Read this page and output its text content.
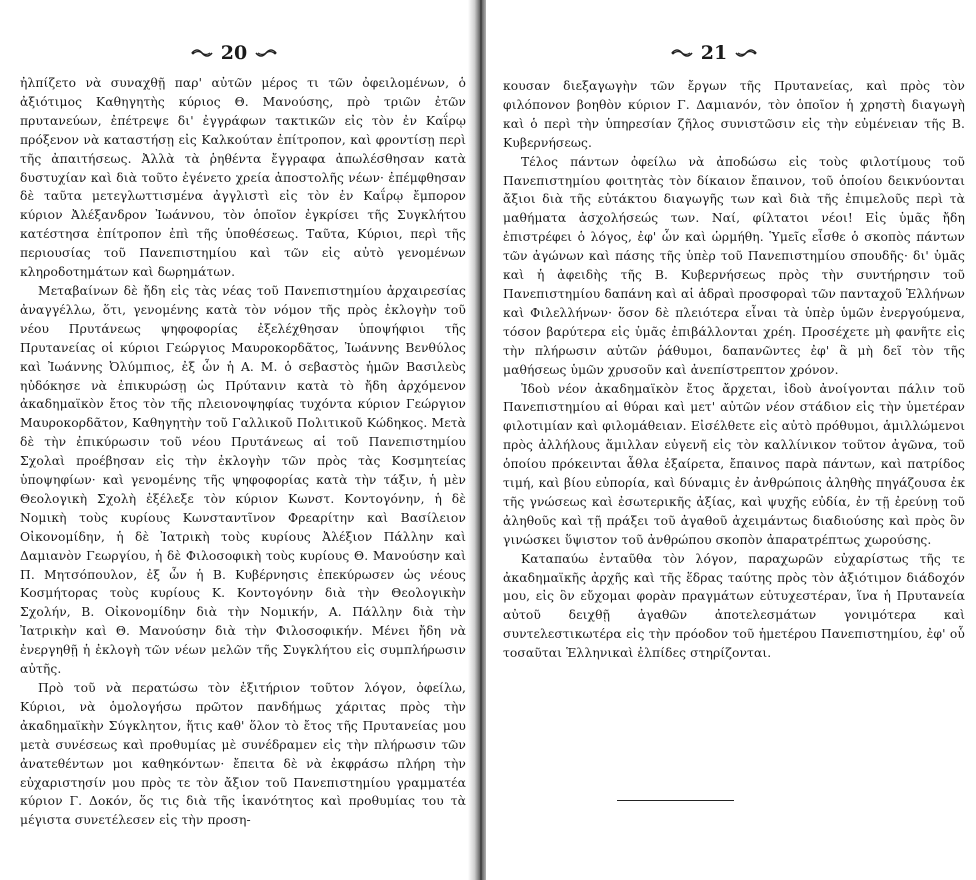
20

ἠλπίζετο νὰ συναχθῇ παρ' αὐτῶν μέρος τι τῶν ὀφειλομένων, ὁ ἀξιότιμος Καθηγητὴς κύριος Θ. Μανούσης, πρὸ τριῶν ἐτῶν πρυτανεύων, ἐπέτρεψε δι' ἐγγράφων τακτικῶν εἰς τὸν ἐν Καΐρῳ πρόξενον νὰ καταστήσῃ εἰς Καλκούταν ἐπίτροπον, καὶ φροντίσῃ περὶ τῆς ἀπαιτήσεως. Ἀλλὰ τὰ ῥηθέντα ἔγγραφα ἀπωλέσθησαν κατὰ δυστυχίαν καὶ διὰ τοῦτο ἐγένετο χρεία ἀποστολῆς νέων· ἐπέμφθησαν δὲ ταῦτα μετεγλωττισμένα ἀγγλιστὶ εἰς τὸν ἐν Καΐρῳ ἔμπορον κύριον Ἀλέξανδρον Ἰωάννου, τὸν ὁποῖον ἐγκρίσει τῆς Συγκλήτου κατέστησα ἐπίτροπον ἐπὶ τῆς ὑποθέσεως. Ταῦτα, Κύριοι, περὶ τῆς περιουσίας τοῦ Πανεπιστημίου καὶ τῶν εἰς αὐτὸ γενομένων κληροδοτημάτων καὶ δωρημάτων.

Μεταβαίνων δὲ ἤδη εἰς τὰς νέας τοῦ Πανεπιστημίου ἀρχαιρεσίας ἀναγγέλλω, ὅτι, γενομένης κατὰ τὸν νόμον τῆς πρὸς ἐκλογὴν τοῦ νέου Πρυτάνεως ψηφοφορίας ἐξελέχθησαν ὑποψήφιοι τῆς Πρυτανείας οἱ κύριοι Γεώργιος Μαυροκορδᾶτος, Ἰωάννης Βενθύλος καὶ Ἰωάννης Ὀλύμπιος, ἐξ ὧν ἡ Α. Μ. ὁ σεβαστὸς ἡμῶν Βασιλεὺς ηὐδόκησε νὰ ἐπικυρώσῃ ὡς Πρύτανιν κατὰ τὸ ἤδη ἀρχόμενον ἀκαδημαϊκὸν ἔτος τὸν τῆς πλειονοψηφίας τυχόντα κύριον Γεώργιον Μαυροκορδᾶτον, Καθηγητὴν τοῦ Γαλλικοῦ Πολιτικοῦ Κώδηκος. Μετὰ δὲ τὴν ἐπικύρωσιν τοῦ νέου Πρυτάνεως αἱ τοῦ Πανεπιστημίου Σχολαὶ προέβησαν εἰς τὴν ἐκλογὴν τῶν πρὸς τὰς Κοσμητείας ὑποψηφίων· καὶ γενομένης τῆς ψηφοφορίας κατὰ τὴν τάξιν, ἡ μὲν Θεολογικὴ Σχολὴ ἐξέλεξε τὸν κύριον Κωνστ. Κοντογόνην, ἡ δὲ Νομικὴ τοὺς κυρίους Κωνσταντῖνον Φρεαρίτην καὶ Βασίλειον Οἰκονομίδην, ἡ δὲ Ἰατρικὴ τοὺς κυρίους Ἀλέξιον Πάλλην καὶ Δαμιανὸν Γεωργίου, ἡ δὲ Φιλοσοφικὴ τοὺς κυρίους Θ. Μανούσην καὶ Π. Μητσόπουλον, ἐξ ὧν ἡ Β. Κυβέρνησις ἐπεκύρωσεν ὡς νέους Κοσμήτορας τοὺς κυρίους Κ. Κοντογόνην διὰ τὴν Θεολογικὴν Σχολήν, Β. Οἰκονομίδην διὰ τὴν Νομικήν, Α. Πάλλην διὰ τὴν Ἰατρικὴν καὶ Θ. Μανούσην διὰ τὴν Φιλοσοφικήν. Μένει ἤδη νὰ ἐνεργηθῇ ἡ ἐκλογὴ τῶν νέων μελῶν τῆς Συγκλήτου εἰς συμπλήρωσιν αὐτῆς.

Πρὸ τοῦ νὰ περατώσω τὸν ἐξιτήριον τοῦτον λόγον, ὀφείλω, Κύριοι, νὰ ὁμολογήσω πρῶτον πανδήμως χάριτας πρὸς τὴν ἀκαδημαϊκὴν Σύγκλητον, ἥτις καθ' ὅλον τὸ ἔτος τῆς Πρυτανείας μου μετὰ συνέσεως καὶ προθυμίας μὲ συνέδραμεν εἰς τὴν πλήρωσιν τῶν ἀνατεθέντων μοι καθηκόντων· ἔπειτα δὲ νὰ ἐκφράσω πλήρη τὴν εὐχαριστησίν μου πρὸς τε τὸν ἄξιον τοῦ Πανεπιστημίου γραμματέα κύριον Γ. Δοκόν, ὅς τις διὰ τῆς ἱκανότητος καὶ προθυμίας του τὰ μέγιστα συνετέλεσεν εἰς τὴν προση-

κουσαν διεξαγωγὴν τῶν ἔργων τῆς Πρυτανείας, καὶ πρὸς τὸν φιλόπονον βοηθὸν κύριον Γ. Δαμιανόν, τὸν ὁποῖον ἡ χρηστὴ διαγωγὴ καὶ ὁ περὶ τὴν ὑπηρεσίαν ζῆλος συνιστῶσιν εἰς τὴν εὐμένειαν τῆς Β. Κυβερνήσεως.

Τέλος πάντων ὀφείλω νὰ ἀποδώσω εἰς τοὺς φιλοτίμους τοῦ Πανεπιστημίου φοιτητὰς τὸν δίκαιον ἔπαινον, τοῦ ὁποίου δεικνύονται ἄξιοι διὰ τῆς εὐτάκτου διαγωγῆς των καὶ διὰ τῆς ἐπιμελοῦς περὶ τὰ μαθήματα ἀσχολήσεώς των. Ναί, φίλτατοι νέοι! Εἰς ὑμᾶς ἤδη ἐπιστρέφει ὁ λόγος, ἐφ' ὧν καὶ ὡρμήθη. Ὑμεῖς εἶσθε ὁ σκοπὸς πάντων τῶν ἀγώνων καὶ πάσης τῆς ὑπὲρ τοῦ Πανεπιστημίου σπουδῆς· δι' ὑμᾶς καὶ ἡ ἀφειδὴς τῆς Β. Κυβερνήσεως πρὸς τὴν συντήρησιν τοῦ Πανεπιστημίου δαπάνη καὶ αἱ ἁδραὶ προσφοραὶ τῶν πανταχοῦ Ἑλλήνων καὶ Φιλελλήνων· ὅσον δὲ πλειότερα εἶναι τὰ ὑπὲρ ὑμῶν ἐνεργούμενα, τόσον βαρύτερα εἰς ὑμᾶς ἐπιβάλλονται χρέη. Προσέχετε μὴ φανῆτε εἰς τὴν πλήρωσιν αὐτῶν ῥάθυμοι, δαπανῶντες ἐφ' ἃ μὴ δεῖ τὸν τῆς μαθήσεως ὑμῶν χρυσοῦν καὶ ἀνεπίστρεπτον χρόνον.

Ἰδοὺ νέον ἀκαδημαϊκὸν ἔτος ἄρχεται, ἰδοὺ ἀνοίγονται πάλιν τοῦ Πανεπιστημίου αἱ θύραι καὶ μετ' αὐτῶν νέον στάδιον εἰς τὴν ὑμετέραν φιλοτιμίαν καὶ φιλομάθειαν. Εἰσέλθετε εἰς αὐτὸ πρόθυμοι, ἁμιλλώμενοι πρὸς ἀλλήλους ἅμιλλαν εὐγενῆ εἰς τὸν καλλίνικον τοῦτον ἀγῶνα, τοῦ ὁποίου πρόκεινται ἆθλα ἐξαίρετα, ἔπαινος παρὰ πάντων, καὶ πατρίδος τιμή, καὶ βίου εὐπορία, καὶ δύναμις ἐν ἀνθρώποις ἀληθὴς πηγάζουσα ἐκ τῆς γνώσεως καὶ ἐσωτερικῆς ἀξίας, καὶ ψυχῆς εὐδία, ἐν τῇ ἐρεύνῃ τοῦ ἀληθοῦς καὶ τῇ πράξει τοῦ ἀγαθοῦ ἀχειμάντως διαδιούσης καὶ πρὸς ὃν γινώσκει ὕψιστον τοῦ ἀνθρώπου σκοπὸν ἀπαρατρέπτως χωρούσης.

Καταπαύω ἐνταῦθα τὸν λόγον, παραχωρῶν εὐχαρίστως τῆς τε ἀκαδημαϊκῆς ἀρχῆς καὶ τῆς ἕδρας ταύτης πρὸς τὸν ἀξιότιμον διάδοχόν μου, εἰς ὃν εὔχομαι φορὰν πραγμάτων εὐτυχεστέραν, ἵνα ἡ Πρυτανεία αὐτοῦ δειχθῇ ἀγαθῶν ἀποτελεσμάτων γονιμότερα καὶ συντελεστικωτέρα εἰς τὴν πρόοδον τοῦ ἡμετέρου Πανεπιστημίου, ἐφ' οὗ τοσαῦται Ἑλληνικαὶ ἐλπίδες στηρίζονται.

21
